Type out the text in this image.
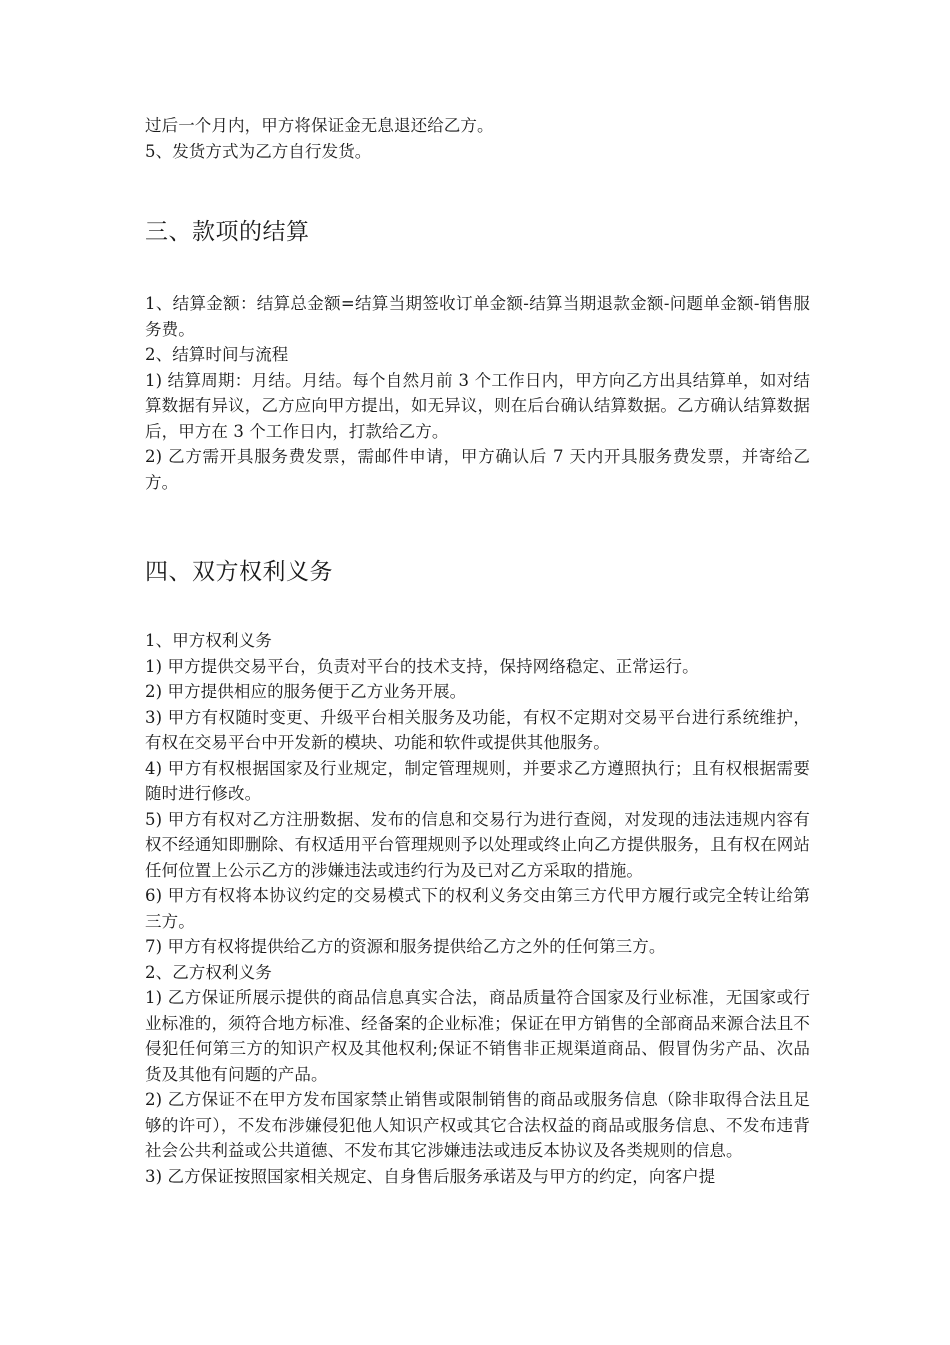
过后一个月内，甲方将保证金无息退还给乙方。

5、发货方式为乙方自行发货。

三、款项的结算

1、结算金额：结算总金额=结算当期签收订单金额-结算当期退款金额-问题单金额-销售服务费。

2、结算时间与流程

1) 结算周期：月结。月结。每个自然月前 3 个工作日内，甲方向乙方出具结算单，如对结算数据有异议，乙方应向甲方提出，如无异议，则在后台确认结算数据。乙方确认结算数据后，甲方在 3 个工作日内，打款给乙方。

2) 乙方需开具服务费发票，需邮件申请，甲方确认后 7 天内开具服务费发票，并寄给乙方。

四、双方权利义务

1、甲方权利义务

1) 甲方提供交易平台，负责对平台的技术支持，保持网络稳定、正常运行。

2) 甲方提供相应的服务便于乙方业务开展。

3) 甲方有权随时变更、升级平台相关服务及功能，有权不定期对交易平台进行系统维护，有权在交易平台中开发新的模块、功能和软件或提供其他服务。

4) 甲方有权根据国家及行业规定，制定管理规则，并要求乙方遵照执行；且有权根据需要随时进行修改。

5) 甲方有权对乙方注册数据、发布的信息和交易行为进行查阅，对发现的违法违规内容有权不经通知即删除、有权适用平台管理规则予以处理或终止向乙方提供服务，且有权在网站任何位置上公示乙方的涉嫌违法或违约行为及已对乙方采取的措施。

6) 甲方有权将本协议约定的交易模式下的权利义务交由第三方代甲方履行或完全转让给第三方。

7) 甲方有权将提供给乙方的资源和服务提供给乙方之外的任何第三方。

2、乙方权利义务

1) 乙方保证所展示提供的商品信息真实合法，商品质量符合国家及行业标准，无国家或行业标准的，须符合地方标准、经备案的企业标准；保证在甲方销售的全部商品来源合法且不侵犯任何第三方的知识产权及其他权利;保证不销售非正规渠道商品、假冒伪劣产品、次品货及其他有问题的产品。

2) 乙方保证不在甲方发布国家禁止销售或限制销售的商品或服务信息（除非取得合法且足够的许可），不发布涉嫌侵犯他人知识产权或其它合法权益的商品或服务信息、不发布违背社会公共利益或公共道德、不发布其它涉嫌违法或违反本协议及各类规则的信息。

3) 乙方保证按照国家相关规定、自身售后服务承诺及与甲方的约定，向客户提
